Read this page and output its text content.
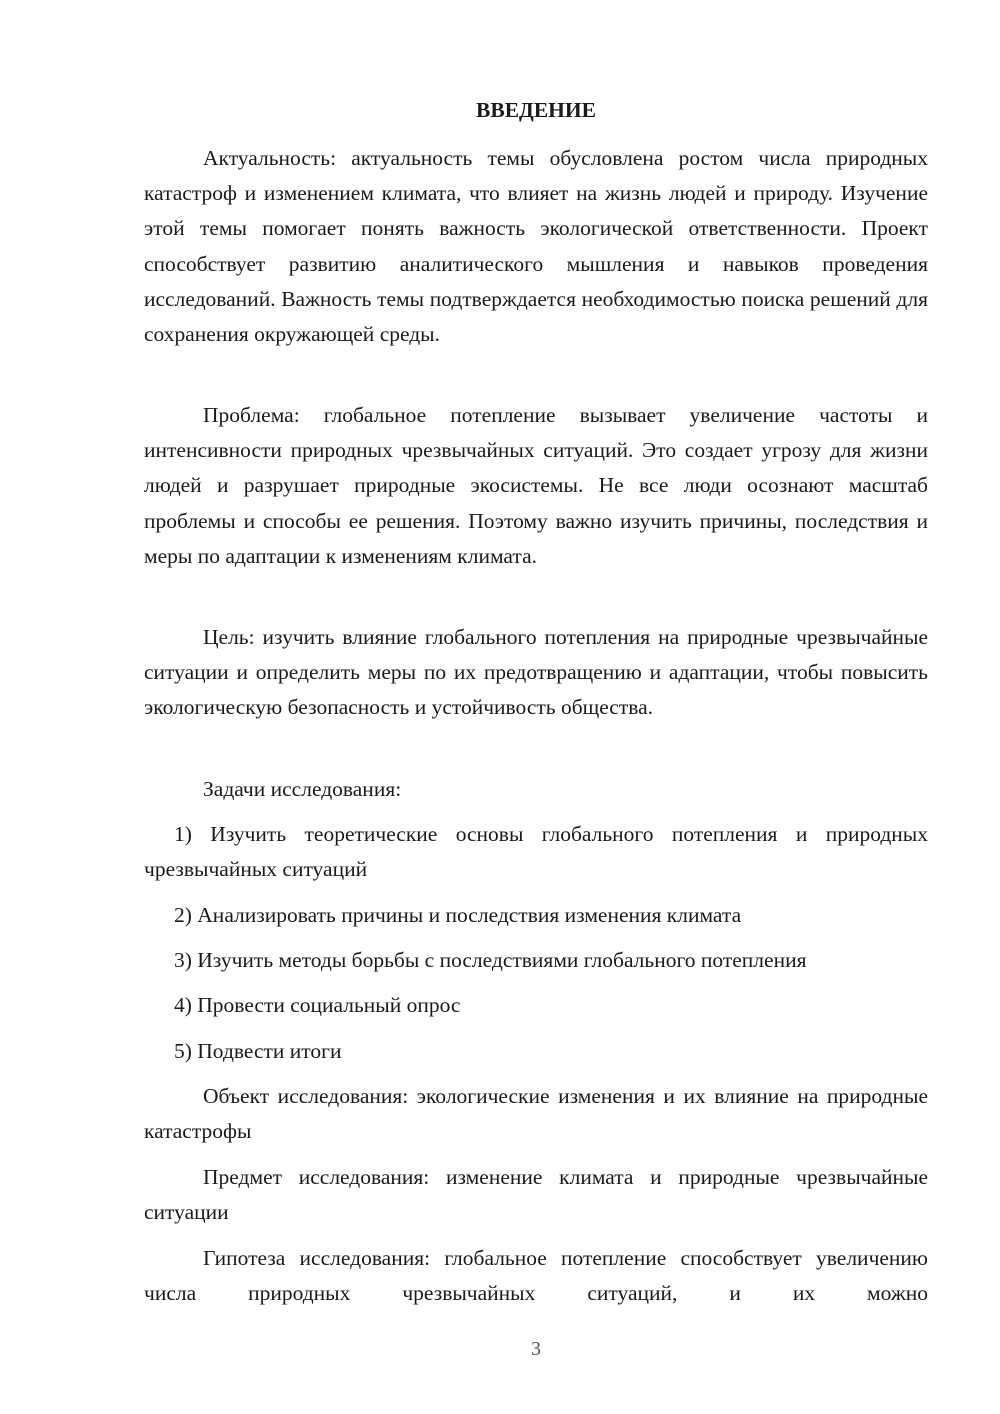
ВВЕДЕНИЕ

Актуальность: актуальность темы обусловлена ростом числа природных катастроф и изменением климата, что влияет на жизнь людей и природу. Изучение этой темы помогает понять важность экологической ответственности. Проект способствует развитию аналитического мышления и навыков проведения исследований. Важность темы подтверждается необходимостью поиска решений для сохранения окружающей среды.

Проблема: глобальное потепление вызывает увеличение частоты и интенсивности природных чрезвычайных ситуаций. Это создает угрозу для жизни людей и разрушает природные экосистемы. Не все люди осознают масштаб проблемы и способы ее решения. Поэтому важно изучить причины, последствия и меры по адаптации к изменениям климата.

Цель: изучить влияние глобального потепления на природные чрезвычайные ситуации и определить меры по их предотвращению и адаптации, чтобы повысить экологическую безопасность и устойчивость общества.

Задачи исследования:

1) Изучить теоретические основы глобального потепления и природных чрезвычайных ситуаций

2) Анализировать причины и последствия изменения климата

3) Изучить методы борьбы с последствиями глобального потепления

4) Провести социальный опрос

5) Подвести итоги

Объект исследования: экологические изменения и их влияние на природные катастрофы

Предмет исследования: изменение климата и природные чрезвычайные ситуации

Гипотеза исследования: глобальное потепление способствует увеличению числа природных чрезвычайных ситуаций, и их можно

3
